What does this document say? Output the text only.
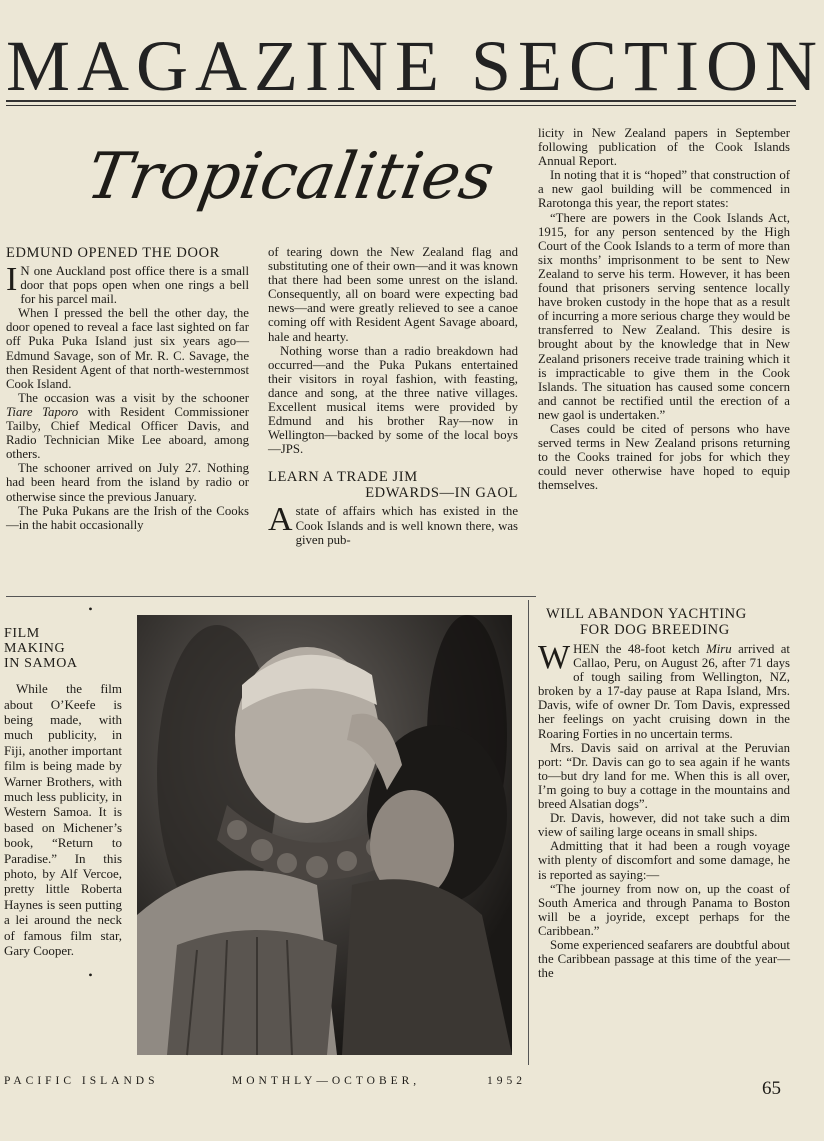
MAGAZINE SECTION
Tropicalities
EDMUND OPENED THE DOOR

I N one Auckland post office there is a small door that pops open when one rings a bell for his parcel mail.

When I pressed the bell the other day, the door opened to reveal a face last sighted on far off Puka Puka Island just six years ago—Edmund Savage, son of Mr. R. C. Savage, the then Resident Agent of that north-westernmost Cook Island.

The occasion was a visit by the schooner Tiare Taporo with Resident Commissioner Tailby, Chief Medical Officer Davis, and Radio Technician Mike Lee aboard, among others.

The schooner arrived on July 27. Nothing had been heard from the island by radio or otherwise since the previous January.

The Puka Pukans are the Irish of the Cooks—in the habit occasionally

of tearing down the New Zealand flag and substituting one of their own—and it was known that there had been some unrest on the island. Consequently, all on board were expecting bad news—and were greatly relieved to see a canoe coming off with Resident Agent Savage aboard, hale and hearty.

Nothing worse than a radio breakdown had occurred—and the Puka Pukans entertained their visitors in royal fashion, with feasting, dance and song, at the three native villages. Excellent musical items were provided by Edmund and his brother Ray—now in Wellington—backed by some of the local boys—JPS.

LEARN A TRADE JIM
EDWARDS—IN GAOL

Astate of affairs which has existed in the Cook Islands and is well known there, was given pub-

licity in New Zealand papers in September following publication of the Cook Islands Annual Report.

In noting that it is “hoped” that construction of a new gaol building will be commenced in Rarotonga this year, the report states:

“There are powers in the Cook Islands Act, 1915, for any person sentenced by the High Court of the Cook Islands to a term of more than six months’ imprisonment to be sent to New Zealand to serve his term. However, it has been found that prisoners serving sentence locally have broken custody in the hope that as a result of incurring a more serious charge they would be transferred to New Zealand. This desire is brought about by the knowledge that in New Zealand prisoners receive trade training which it is impracticable to give them in the Cook Islands. The situation has caused some concern and cannot be rectified until the erection of a new gaol is undertaken.”

Cases could be cited of persons who have served terms in New Zealand prisons returning to the Cooks trained for jobs for which they could never otherwise have hoped to equip themselves.

•
FILM
MAKING
IN SAMOA

While the film about O’Keefe is being made, with much publicity, in Fiji, another important film is being made by Warner Brothers, with much less publicity, in Western Samoa. It is based on Michener’s book, “Return to Paradise.” In this photo, by Alf Vercoe, pretty little Roberta Haynes is seen putting a lei around the neck of famous film star, Gary Cooper.

•
WILL ABANDON YACHTING
FOR DOG BREEDING

WHEN the 48-foot ketch Miru arrived at Callao, Peru, on August 26, after 71 days of tough sailing from Wellington, NZ, broken by a 17-day pause at Rapa Island, Mrs. Davis, wife of owner Dr. Tom Davis, expressed her feelings on yacht cruising down in the Roaring Forties in no uncertain terms.

Mrs. Davis said on arrival at the Peruvian port: “Dr. Davis can go to sea again if he wants to—but dry land for me. When this is all over, I’m going to buy a cottage in the mountains and breed Alsatian dogs”.

Dr. Davis, however, did not take such a dim view of sailing large oceans in small ships.

Admitting that it had been a rough voyage with plenty of discomfort and some damage, he is reported as saying:—

“The journey from now on, up the coast of South America and through Panama to Boston will be a joyride, except perhaps for the Caribbean.”

Some experienced seafarers are doubtful about the Caribbean passage at this time of the year—the

PACIFIC ISLANDS	MONTHLY—OCTOBER,	1952	65
